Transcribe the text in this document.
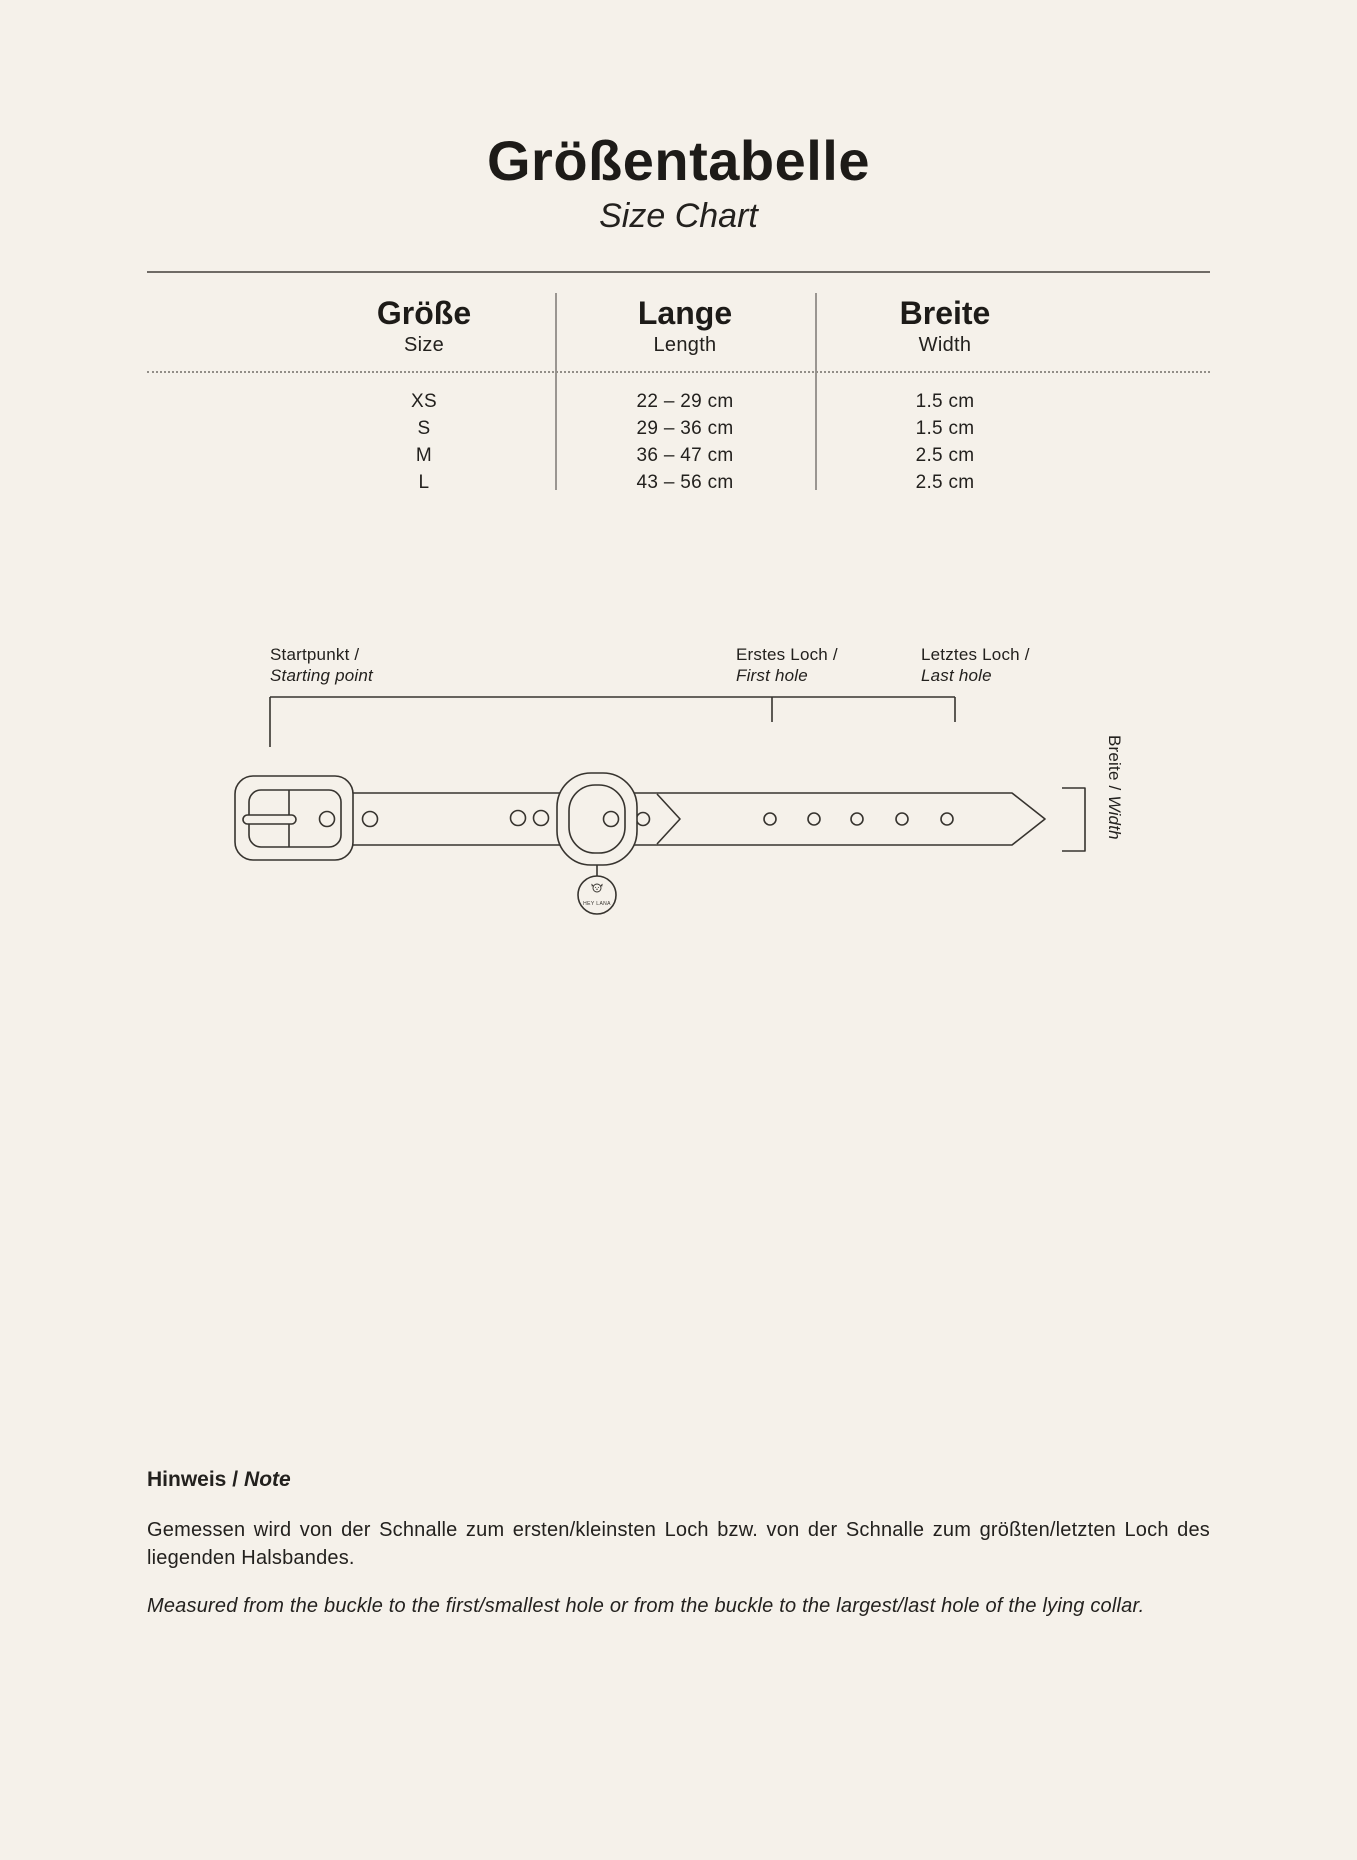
Größentabelle
Size Chart
Größe
Size
XS
S
M
L
Lange
Length
22 – 29 cm
29 – 36 cm
36 – 47 cm
43 – 56 cm
Breite
Width
1.5 cm
1.5 cm
2.5 cm
2.5 cm
Startpunkt /
Starting point
Erstes Loch /
First hole
Letztes Loch /
Last hole
Breite /Width
HEY LANA
Hinweis / Note
Gemessen wird von der Schnalle zum ersten/kleinsten Loch bzw. von der Schnalle zum größten/letzten Loch des liegenden Halsbandes.
Measured from the buckle to the first/smallest hole or from the buckle to the largest/last hole of the lying collar.
